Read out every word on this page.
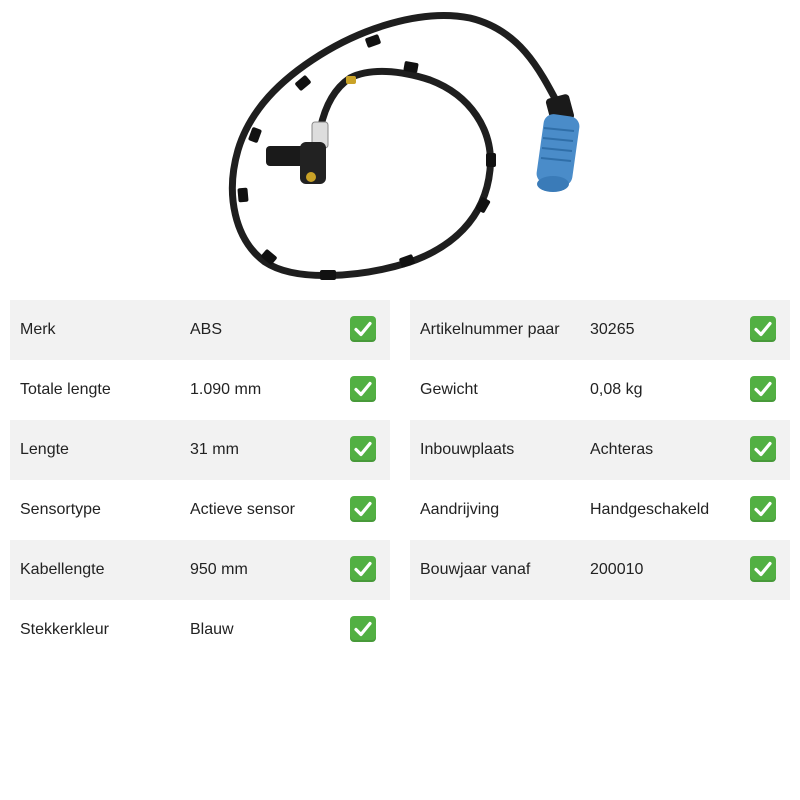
Merk	ABS
Totale lengte	1.090 mm
Lengte	31 mm
Sensortype	Actieve sensor
Kabellengte	950 mm
Stekkerkleur	Blauw
Artikelnummer paar 30265
Gewicht	0,08 kg
Inbouwplaats	Achteras
Aandrijving	Handgeschakeld
Bouwjaar vanaf	200010
